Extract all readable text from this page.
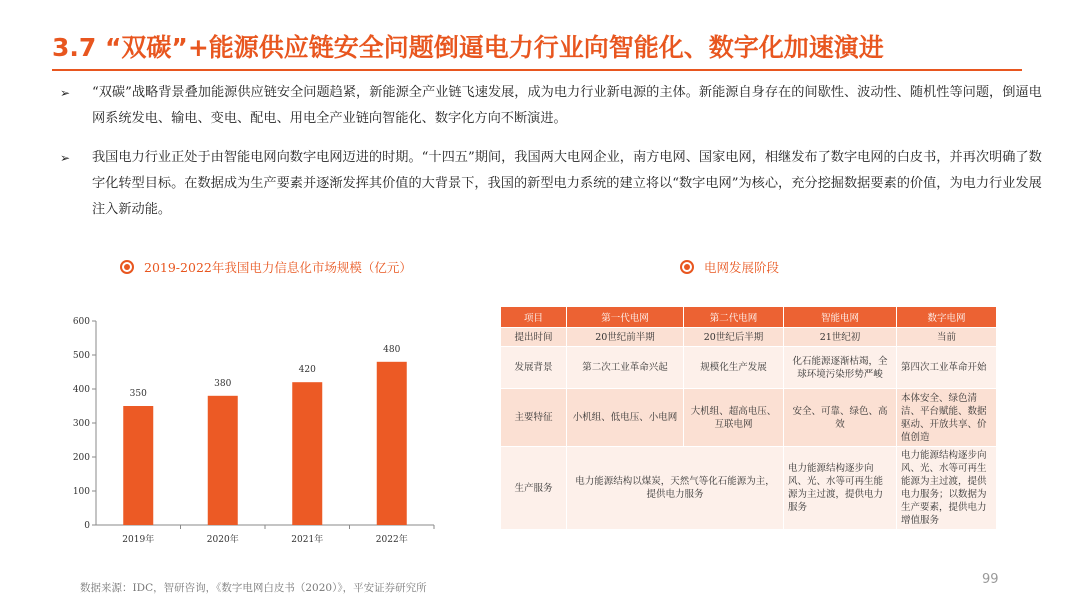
3.7 “双碳”+能源供应链安全问题倒逼电力行业向智能化、数字化加速演进
➢ “双碳”战略背景叠加能源供应链安全问题趋紧，新能源全产业链飞速发展，成为电力行业新电源的主体。新能源自身存在的间歇性、波动性、随机性等问题，倒逼电网系统发电、输电、变电、配电、用电全产业链向智能化、数字化方向不断演进。
➢ 我国电力行业正处于由智能电网向数字电网迈进的时期。“十四五”期间，我国两大电网企业，南方电网、国家电网，相继发布了数字电网的白皮书，并再次明确了数字化转型目标。在数据成为生产要素并逐渐发挥其价值的大背景下，我国的新型电力系统的建立将以“数字电网”为核心，充分挖掘数据要素的价值，为电力行业发展注入新动能。
2019-2022年我国电力信息化市场规模（亿元）	电网发展阶段
0
100
200
300
400
500
600
350
2019年
380
2020年
420
2021年
480
2022年
项目	第一代电网	第二代电网	智能电网	数字电网
提出时间	20世纪前半期	20世纪后半期	21世纪初	当前
发展背景	第二次工业革命兴起	规模化生产发展	化石能源逐渐枯竭，全球环境污染形势严峻	第四次工业革命开始
主要特征	小机组、低电压、小电网	大机组、超高电压、互联电网	安全、可靠、绿色、高效	本体安全、绿色清洁、平台赋能、数据驱动、开放共享、价值创造
生产服务	电力能源结构以煤炭，天然气等化石能源为主，提供电力服务		电力能源结构逐步向风、光、水等可再生能源为主过渡，提供电力服务	电力能源结构逐步向风、光、水等可再生能源为主过渡，提供电力服务；以数据为生产要素，提供电力增值服务
数据来源：IDC，智研咨询，《数字电网白皮书（2020）》，平安证券研究所
99
